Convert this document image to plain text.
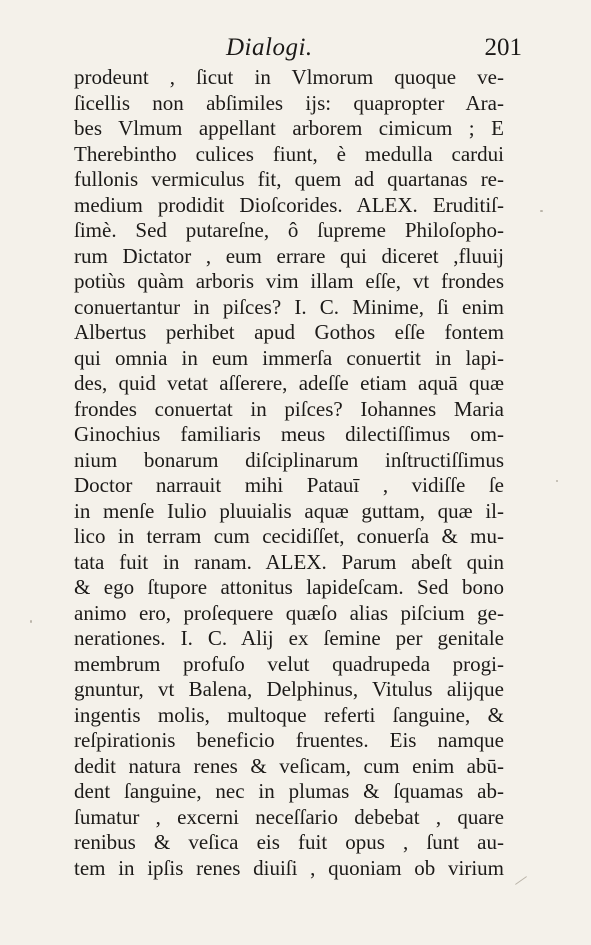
Dialogi.	201
prodeunt , ſicut in Vlmorum quoque ve-
ſicellis non abſimiles ijs: quapropter Ara-
bes Vlmum appellant arborem cimicum ; E
Therebintho culices fiunt, è medulla cardui
fullonis vermiculus fit, quem ad quartanas re-
medium prodidit Dioſcorides. ALEX. Eruditiſ-
ſimè. Sed putareſne, ô ſupreme Philoſopho-
rum Dictator , eum errare qui diceret ,fluuij
potiùs quàm arboris vim illam eſſe, vt frondes
conuertantur in piſces? I. C. Minime, ſi enim
Albertus perhibet apud Gothos eſſe fontem
qui omnia in eum immerſa conuertit in lapi-
des, quid vetat aſſerere, adeſſe etiam aquā quæ
frondes conuertat in piſces? Iohannes Maria
Ginochius familiaris meus dilectiſſimus om-
nium bonarum diſciplinarum inſtructiſſimus
Doctor narrauit mihi Patauī , vidiſſe ſe
in menſe Iulio pluuialis aquæ guttam, quæ il-
lico in terram cum cecidiſſet, conuerſa & mu-
tata fuit in ranam. ALEX. Parum abeſt quin
& ego ſtupore attonitus lapideſcam. Sed bono
animo ero, proſequere quæſo alias piſcium ge-
nerationes. I. C. Alij ex ſemine per genitale
membrum profuſo velut quadrupeda progi-
gnuntur, vt Balena, Delphinus, Vitulus alijque
ingentis molis, multoque referti ſanguine, &
reſpirationis beneficio fruentes. Eis namque
dedit natura renes & veſicam, cum enim abū-
dent ſanguine, nec in plumas & ſquamas ab-
ſumatur , excerni neceſſario debebat , quare
renibus & veſica eis fuit opus , ſunt au-
tem in ipſis renes diuiſi , quoniam ob virium
